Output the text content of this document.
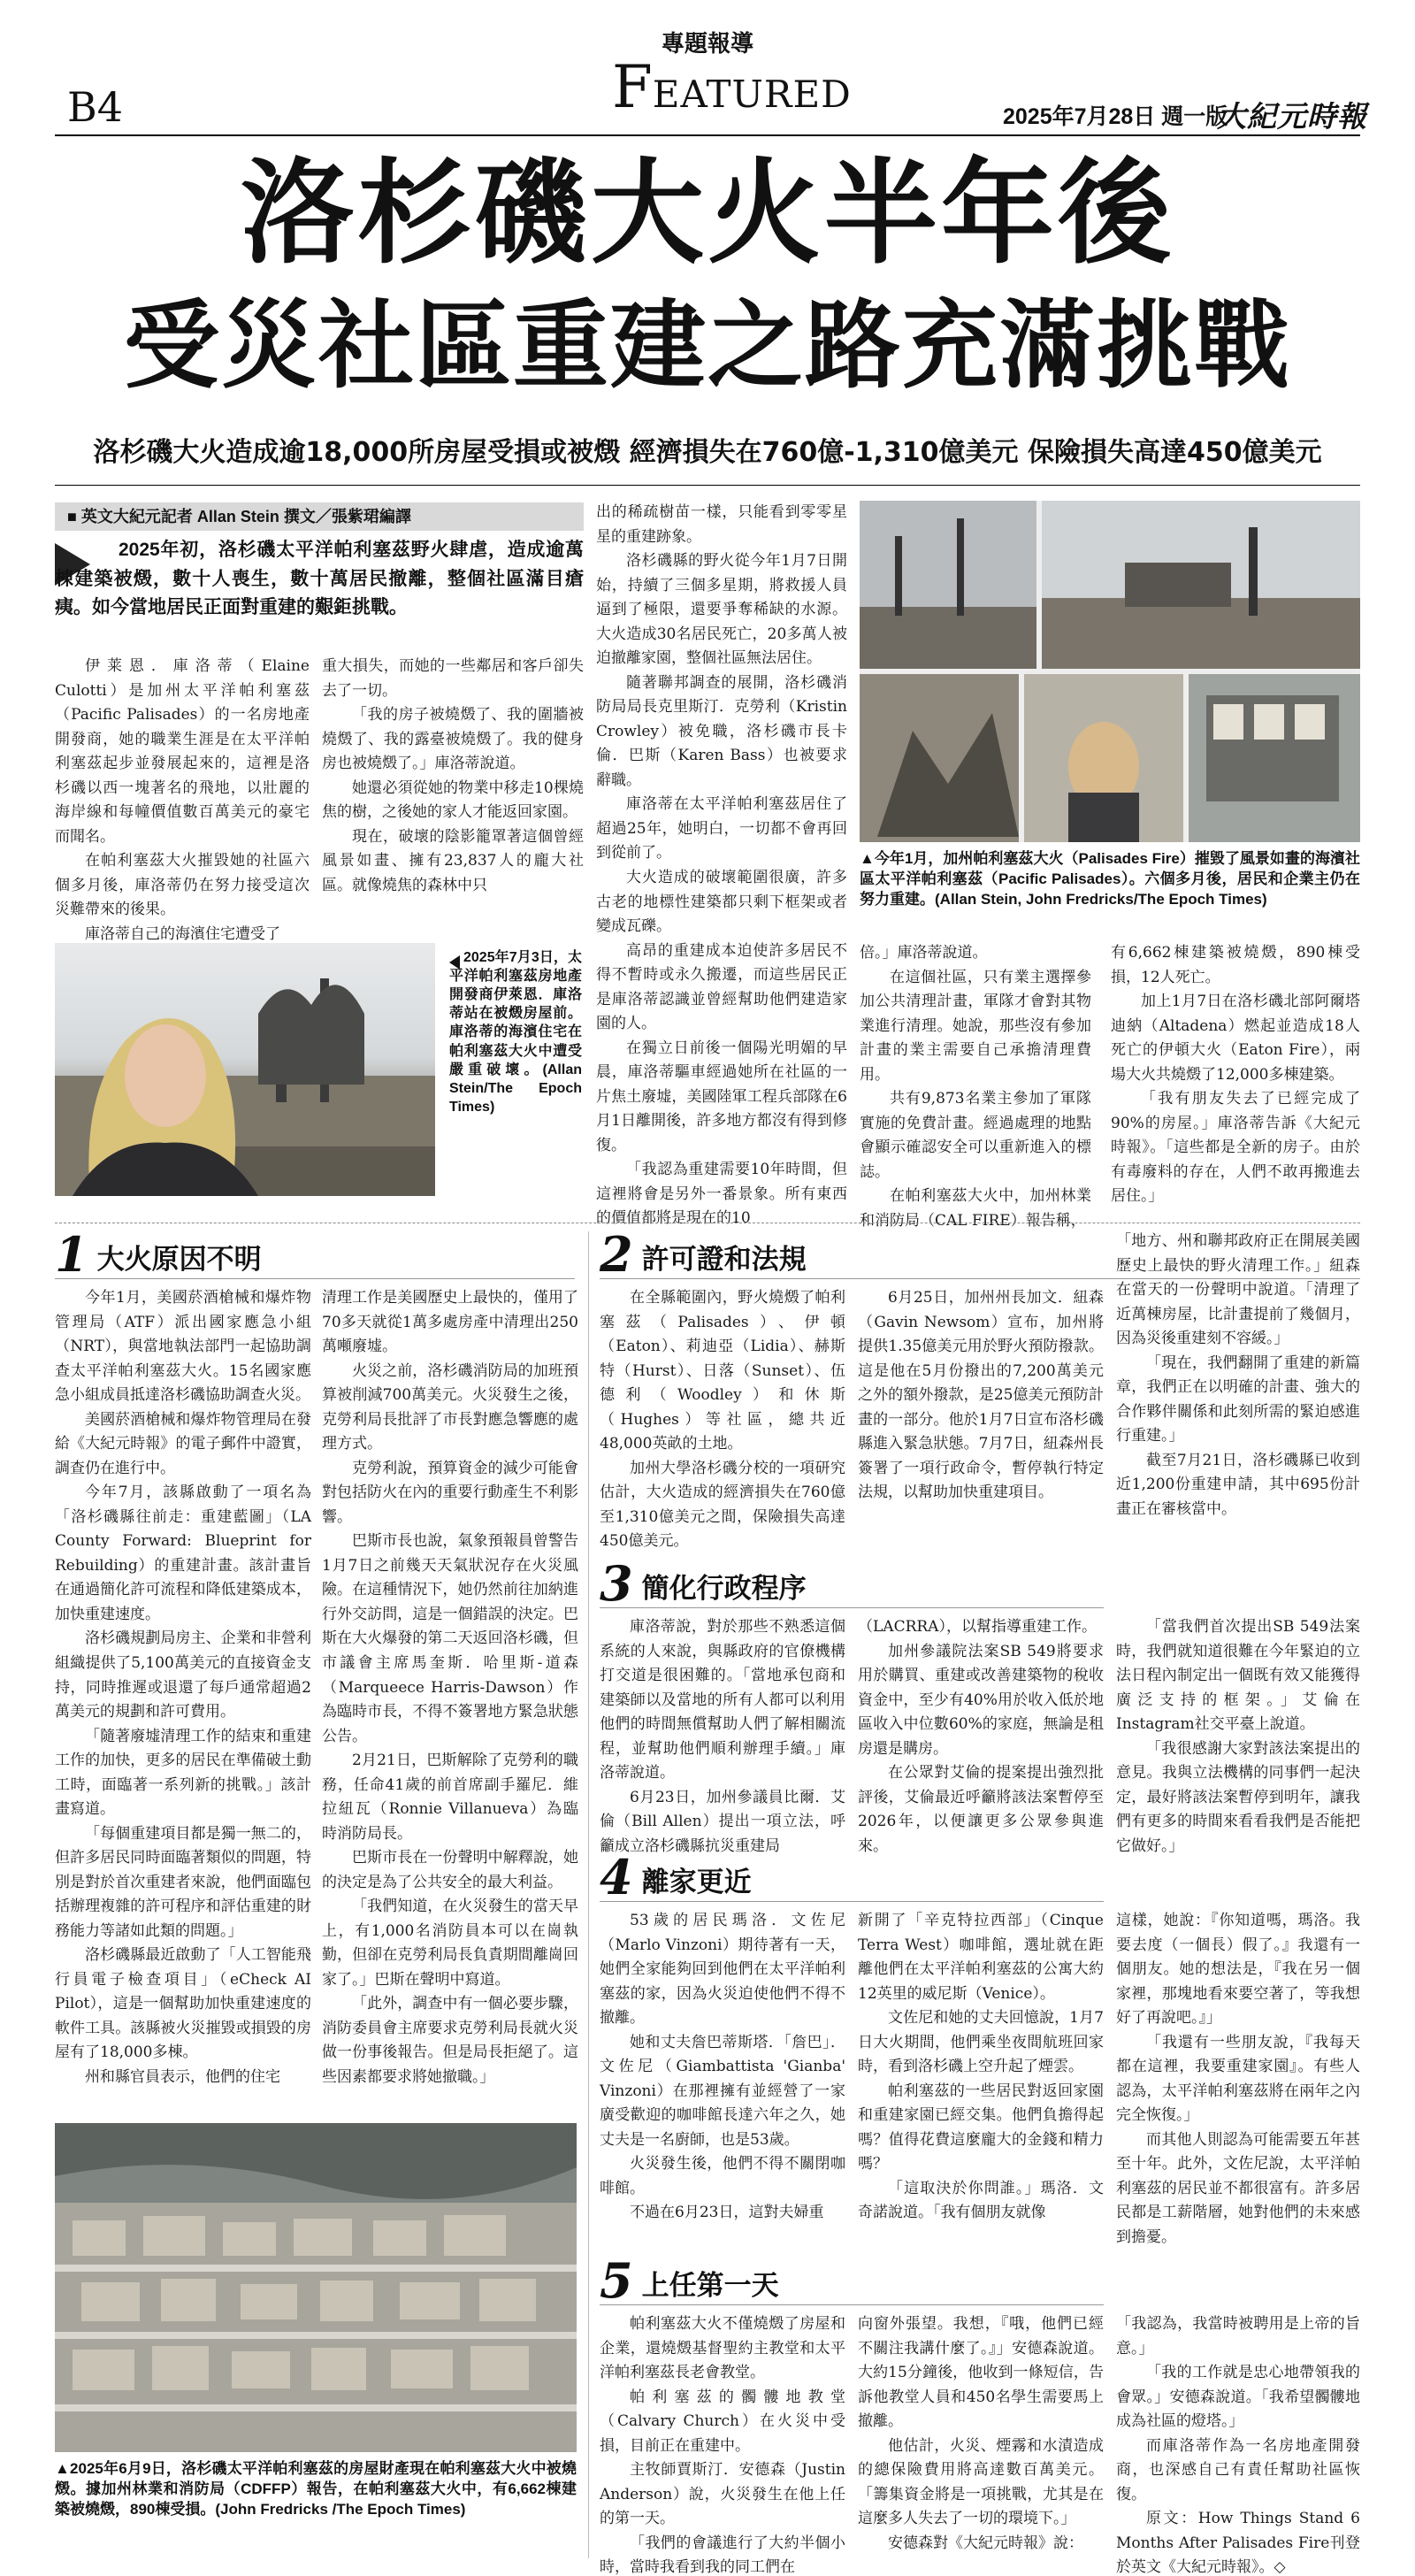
B4
專題報導
FEATURED
2025年7月28日 週一版
大紀元時報
洛杉磯大火半年後
受災社區重建之路充滿挑戰
洛杉磯大火造成逾18,000所房屋受損或被燬 經濟損失在760億-1,310億美元 保險損失高達450億美元
■ 英文大紀元記者 Allan Stein 撰文／張紫珺編譯
2025年初，洛杉磯太平洋帕利塞茲野火肆虐，造成逾萬棟建築被燬，數十人喪生，數十萬居民撤離，整個社區滿目瘡痍。如今當地居民正面對重建的艱鉅挑戰。

伊莱恩．庫洛蒂（Elaine Culotti）是加州太平洋帕利塞茲（Pacific Palisades）的一名房地產開發商，她的職業生涯是在太平洋帕利塞茲起步並發展起來的，這裡是洛杉磯以西一塊著名的飛地，以壯麗的海岸線和每幢價值數百萬美元的豪宅而聞名。

在帕利塞茲大火摧毀她的社區六個多月後，庫洛蒂仍在努力接受這次災難帶來的後果。

庫洛蒂自己的海濱住宅遭受了

重大損失，而她的一些鄰居和客戶卻失去了一切。

「我的房子被燒燬了、我的圍牆被燒燬了、我的露臺被燒燬了。我的健身房也被燒燬了。」庫洛蒂說道。

她還必須從她的物業中移走10棵燒焦的樹，之後她的家人才能返回家園。

現在，破壞的陰影籠罩著這個曾經風景如畫、擁有23,837人的龐大社區。就像燒焦的森林中只

2025年7月3日，太平洋帕利塞茲房地產開發商伊萊恩．庫洛蒂站在被燬房屋前。庫洛蒂的海濱住宅在帕利塞茲大火中遭受嚴重破壞。(Allan Stein/The Epoch Times)

出的稀疏樹苗一樣，只能看到零零星星的重建跡象。

洛杉磯縣的野火從今年1月7日開始，持續了三個多星期，將救援人員逼到了極限，還要爭奪稀缺的水源。大火造成30名居民死亡，20多萬人被迫撤離家園，整個社區無法居住。

隨著聯邦調查的展開，洛杉磯消防局局長克里斯汀．克勞利（Kristin Crowley）被免職，洛杉磯市長卡倫．巴斯（Karen Bass）也被要求辭職。

庫洛蒂在太平洋帕利塞茲居住了超過25年，她明白，一切都不會再回到從前了。

大火造成的破壞範圍很廣，許多古老的地標性建築都只剩下框架或者變成瓦礫。

高昂的重建成本迫使許多居民不得不暫時或永久搬遷，而這些居民正是庫洛蒂認識並曾經幫助他們建造家園的人。

在獨立日前後一個陽光明媚的早晨，庫洛蒂驅車經過她所在社區的一片焦土廢墟，美國陸軍工程兵部隊在6月1日離開後，許多地方都沒有得到修復。

「我認為重建需要10年時間，但這裡將會是另外一番景象。所有東西的價值都將是現在的10

▲今年1月，加州帕利塞茲大火（Palisades Fire）摧毀了風景如畫的海濱社區太平洋帕利塞茲（Pacific Palisades）。六個多月後，居民和企業主仍在努力重建。(Allan Stein, John Fredricks/The Epoch Times)

倍。」庫洛蒂說道。

在這個社區，只有業主選擇參加公共清理計畫，軍隊才會對其物業進行清理。她說，那些沒有參加計畫的業主需要自己承擔清理費用。

共有9,873名業主參加了軍隊實施的免費計畫。經過處理的地點會顯示確認安全可以重新進入的標誌。

在帕利塞茲大火中，加州林業和消防局（CAL FIRE）報告稱，

有6,662棟建築被燒燬，890棟受損，12人死亡。

加上1月7日在洛杉磯北部阿爾塔迪納（Altadena）燃起並造成18人死亡的伊頓大火（Eaton Fire），兩場大火共燒燬了12,000多棟建築。

「我有朋友失去了已經完成了90%的房屋。」庫洛蒂告訴《大紀元時報》。「這些都是全新的房子。由於有毒廢料的存在，人們不敢再搬進去居住。」

1 大火原因不明

今年1月，美國菸酒槍械和爆炸物管理局（ATF）派出國家應急小組（NRT），與當地執法部門一起協助調查太平洋帕利塞茲大火。15名國家應急小組成員抵達洛杉磯協助調查火災。

美國菸酒槍械和爆炸物管理局在發給《大紀元時報》的電子郵件中證實，調查仍在進行中。

今年7月，該縣啟動了一項名為「洛杉磯縣往前走：重建藍圖」（LA County Forward: Blueprint for Rebuilding）的重建計畫。該計畫旨在通過簡化許可流程和降低建築成本，加快重建速度。

洛杉磯規劃局房主、企業和非營利組織提供了5,100萬美元的直接資金支持，同時推遲或退還了每戶通常超過2萬美元的規劃和許可費用。

「隨著廢墟清理工作的結束和重建工作的加快，更多的居民在準備破土動工時，面臨著一系列新的挑戰。」該計畫寫道。

「每個重建項目都是獨一無二的，但許多居民同時面臨著類似的問題，特別是對於首次重建者來說，他們面臨包括辦理複雜的許可程序和評估重建的財務能力等諸如此類的問題。」

洛杉磯縣最近啟動了「人工智能飛行員電子檢查項目」（eCheck AI Pilot），這是一個幫助加快重建速度的軟件工具。該縣被火災摧毀或損毀的房屋有了18,000多棟。

州和縣官員表示，他們的住宅

清理工作是美國歷史上最快的，僅用了70多天就從1萬多處房產中清理出250萬噸廢墟。

火災之前，洛杉磯消防局的加班預算被削減700萬美元。火災發生之後，克勞利局長批評了市長對應急響應的處理方式。

克勞利說，預算資金的減少可能會對包括防火在內的重要行動產生不利影響。

巴斯市長也說，氣象預報員曾警告1月7日之前幾天天氣狀況存在火災風險。在這種情況下，她仍然前往加納進行外交訪問，這是一個錯誤的決定。巴斯在大火爆發的第二天返回洛杉磯，但市議會主席馬奎斯．哈里斯-道森（Marqueece Harris-Dawson）作為臨時市長，不得不簽署地方緊急狀態公告。

2月21日，巴斯解除了克勞利的職務，任命41歲的前首席副手羅尼．維拉紐瓦（Ronnie Villanueva）為臨時消防局長。

巴斯市長在一份聲明中解釋說，她的決定是為了公共安全的最大利益。

「我們知道，在火災發生的當天早上，有1,000名消防員本可以在崗執勤，但卻在克勞利局長負責期間離崗回家了。」巴斯在聲明中寫道。

「此外，調查中有一個必要步驟，消防委員會主席要求克勞利局長就火災做一份事後報告。但是局長拒絕了。這些因素都要求將她撤職。」

▲2025年6月9日，洛杉磯太平洋帕利塞茲的房屋財產現在帕利塞茲大火中被燒燬。據加州林業和消防局（CDFFP）報告，在帕利塞茲大火中，有6,662棟建築被燒燬，890棟受損。(John Fredricks /The Epoch Times)
2 許可證和法規

在全縣範圍內，野火燒燬了帕利塞茲（Palisades）、伊頓（Eaton）、莉迪亞（Lidia）、赫斯特（Hurst）、日落（Sunset）、伍德利（Woodley）和休斯（Hughes）等社區，總共近48,000英畝的土地。

加州大學洛杉磯分校的一項研究估計，大火造成的經濟損失在760億至1,310億美元之間，保險損失高達450億美元。

6月25日，加州州長加文．紐森（Gavin Newsom）宣布，加州將提供1.35億美元用於野火預防撥款。這是他在5月份撥出的7,200萬美元之外的額外撥款，是25億美元預防計畫的一部分。他於1月7日宣布洛杉磯縣進入緊急狀態。7月7日，紐森州長簽署了一項行政命令，暫停執行特定法規，以幫助加快重建項目。

「地方、州和聯邦政府正在開展美國歷史上最快的野火清理工作。」紐森在當天的一份聲明中說道。「清理了近萬棟房屋，比計畫提前了幾個月，因為災後重建刻不容緩。」

「現在，我們翻開了重建的新篇章，我們正在以明確的計畫、強大的合作夥伴關係和此刻所需的緊迫感進行重建。」

截至7月21日，洛杉磯縣已收到近1,200份重建申請，其中695份計畫正在審核當中。

3 簡化行政程序

庫洛蒂說，對於那些不熟悉這個系統的人來說，與縣政府的官僚機構打交道是很困難的。「當地承包商和建築師以及當地的所有人都可以利用他們的時間無償幫助人們了解相關流程，並幫助他們順利辦理手續。」庫洛蒂說道。

6月23日，加州參議員比爾．艾倫（Bill Allen）提出一項立法，呼籲成立洛杉磯縣抗災重建局

（LACRRA），以幫指導重建工作。

加州參議院法案SB 549將要求用於購買、重建或改善建築物的稅收資金中，至少有40%用於收入低於地區收入中位數60%的家庭，無論是租房還是購房。

在公眾對艾倫的提案提出強烈批評後，艾倫最近呼籲將該法案暫停至2026年，以便讓更多公眾參與進來。

「當我們首次提出SB 549法案時，我們就知道很難在今年緊迫的立法日程內制定出一個既有效又能獲得廣泛支持的框架。」艾倫在Instagram社交平臺上說道。

「我很感謝大家對該法案提出的意見。我與立法機構的同事們一起決定，最好將該法案暫停到明年，讓我們有更多的時間來看看我們是否能把它做好。」

4 離家更近

53歲的居民瑪洛．文佐尼（Marlo Vinzoni）期待著有一天，她們全家能夠回到他們在太平洋帕利塞茲的家，因為火災迫使他們不得不撤離。

她和丈夫詹巴蒂斯塔．「詹巴」．文佐尼（Giambattista 'Gianba' Vinzoni）在那裡擁有並經營了一家廣受歡迎的咖啡館長達六年之久，她丈夫是一名廚師，也是53歲。

火災發生後，他們不得不關閉咖啡館。

不過在6月23日，這對夫婦重

新開了「辛克特拉西部」（Cinque Terra West）咖啡館，選址就在距離他們在太平洋帕利塞茲的公寓大約12英里的威尼斯（Venice）。

文佐尼和她的丈夫回憶說，1月7日大火期間，他們乘坐夜間航班回家時，看到洛杉磯上空升起了煙雲。

帕利塞茲的一些居民對返回家園和重建家園已經交集。他們負擔得起嗎？值得花費這麼龐大的金錢和精力嗎？

「這取決於你問誰。」瑪洛．文奇諾說道。「我有個朋友就像

這樣，她說：『你知道嗎，瑪洛。我要去度（一個長）假了。』我還有一個朋友。她的想法是，『我在另一個家裡，那塊地看來要空著了，等我想好了再說吧。』」

「我還有一些朋友說，『我每天都在這裡，我要重建家園』。有些人認為，太平洋帕利塞茲將在兩年之內完全恢復。」

而其他人則認為可能需要五年甚至十年。此外，文佐尼說，太平洋帕利塞茲的居民並不都很富有。許多居民都是工薪階層，她對他們的未來感到擔憂。

5 上任第一天

帕利塞茲大火不僅燒燬了房屋和企業，還燒燬基督聖約主教堂和太平洋帕利塞茲長老會教堂。

帕利塞茲的髑髏地教堂（Calvary Church）在火災中受損，目前正在重建中。

主牧師賈斯汀．安德森（Justin Anderson）說，火災發生在他上任的第一天。

「我們的會議進行了大約半個小時，當時我看到我的同工們在

向窗外張望。我想，『哦，他們已經不關注我講什麼了。』」安德森說道。大約15分鐘後，他收到一條短信，告訴他教堂人員和450名學生需要馬上撤離。

他估計，火災、煙霧和水漬造成的總保險費用將高達數百萬美元。「籌集資金將是一項挑戰，尤其是在這麼多人失去了一切的環境下。」

安德森對《大紀元時報》說：

「我認為，我當時被聘用是上帝的旨意。」

「我的工作就是忠心地帶領我的會眾。」安德森說道。「我希望髑髏地成為社區的燈塔。」

而庫洛蒂作為一名房地產開發商，也深感自己有責任幫助社區恢復。

原文：How Things Stand 6 Months After Palisades Fire刊登於英文《大紀元時報》。◇
